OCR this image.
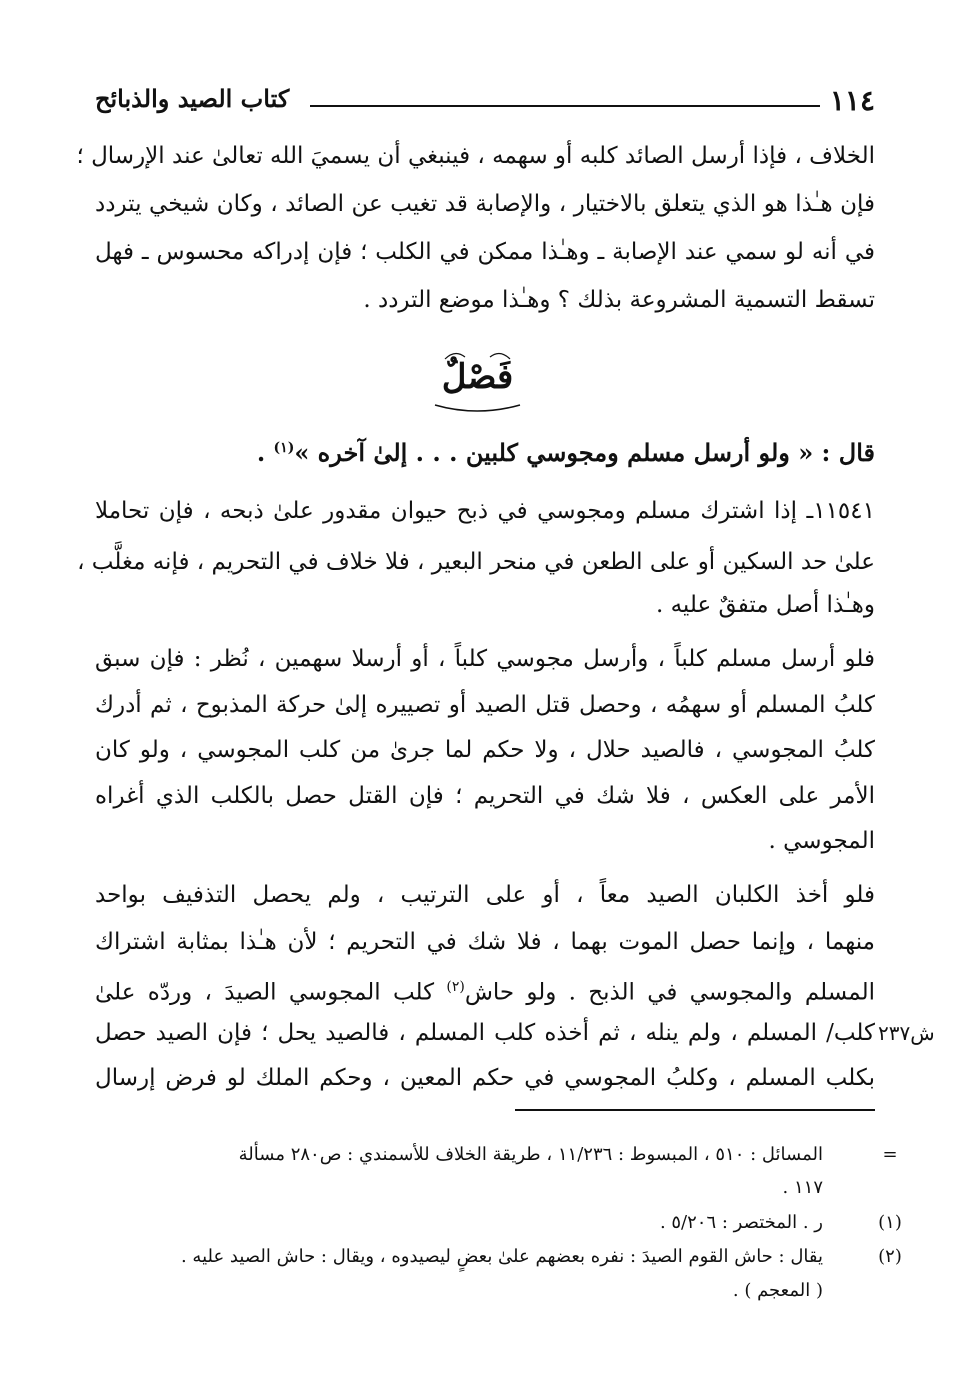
١١٤
كتاب الصيد والذبائح
الخلاف ، فإذا أرسل الصائد كلبه أو سهمه ، فينبغي أن يسميَ الله تعالىٰ عند الإرسال ؛
فإن هـٰذا هو الذي يتعلق بالاختيار ، والإصابة قد تغيب عن الصائد ، وكان شيخي يتردد
في أنه لو سمي عند الإصابة ـ وهـٰذا ممكن في الكلب ؛ فإن إدراكه محسوس ـ فهل
تسقط التسمية المشروعة بذلك ؟ وهـٰذا موضع التردد .
فَصْلٌ
قال : « ولو أرسل مسلم ومجوسي كلبين . . . إلىٰ آخره »$^{(١)}$ .
١١٥٤١ـ إذا اشترك مسلم ومجوسي في ذبح حيوان مقدور علىٰ ذبحه ، فإن تحاملا
علىٰ حد السكين أو على الطعن في منحر البعير ، فلا خلاف في التحريم ، فإنه مغلَّب ،
وهـٰذا أصل متفقٌ عليه .
فلو أرسل مسلم كلباً ، وأرسل مجوسي كلباً ، أو أرسلا سهمين ، نُظر : فإن سبق
كلبُ المسلم أو سهمُه ، وحصل قتل الصيد أو تصييره إلىٰ حركة المذبوح ، ثم أدرك
كلبُ المجوسي ، فالصيد حلال ، ولا حكم لما جرىٰ من كلب المجوسي ، ولو كان
الأمر على العكس ، فلا شك في التحريم ؛ فإن القتل حصل بالكلب الذي أغراه
المجوسي .
فلو أخذ الكلبان الصيد معاً ، أو على الترتيب ، ولم يحصل التذفيف بواحد
منهما ، وإنما حصل الموت بهما ، فلا شك في التحريم ؛ لأن هـٰذا بمثابة اشتراك
المسلم والمجوسي في الذبح . ولو حاش$^{(٢)}$ كلب المجوسي الصيدَ ، وردّه علىٰ
كلب/ المسلم ، ولم ينله ، ثم أخذه كلب المسلم ، فالصيد يحل ؛ فإن الصيد حصل
بكلب المسلم ، وكلبُ المجوسي في حكم المعين ، وحكم الملك لو فرض إرسال
ش٢٣٧
=
المسائل : ٥١٠ ، المبسوط : ١١/٢٣٦ ، طريقة الخلاف للأسمندي : ص٢٨٠ مسألة
١١٧ .
(١)
ر . المختصر : ٥/٢٠٦ .
(٢)
يقال : حاش القوم الصيدَ : نفره بعضهم علىٰ بعضٍ ليصيدوه ، ويقال : حاش الصيد عليه .
( المعجم ) .
